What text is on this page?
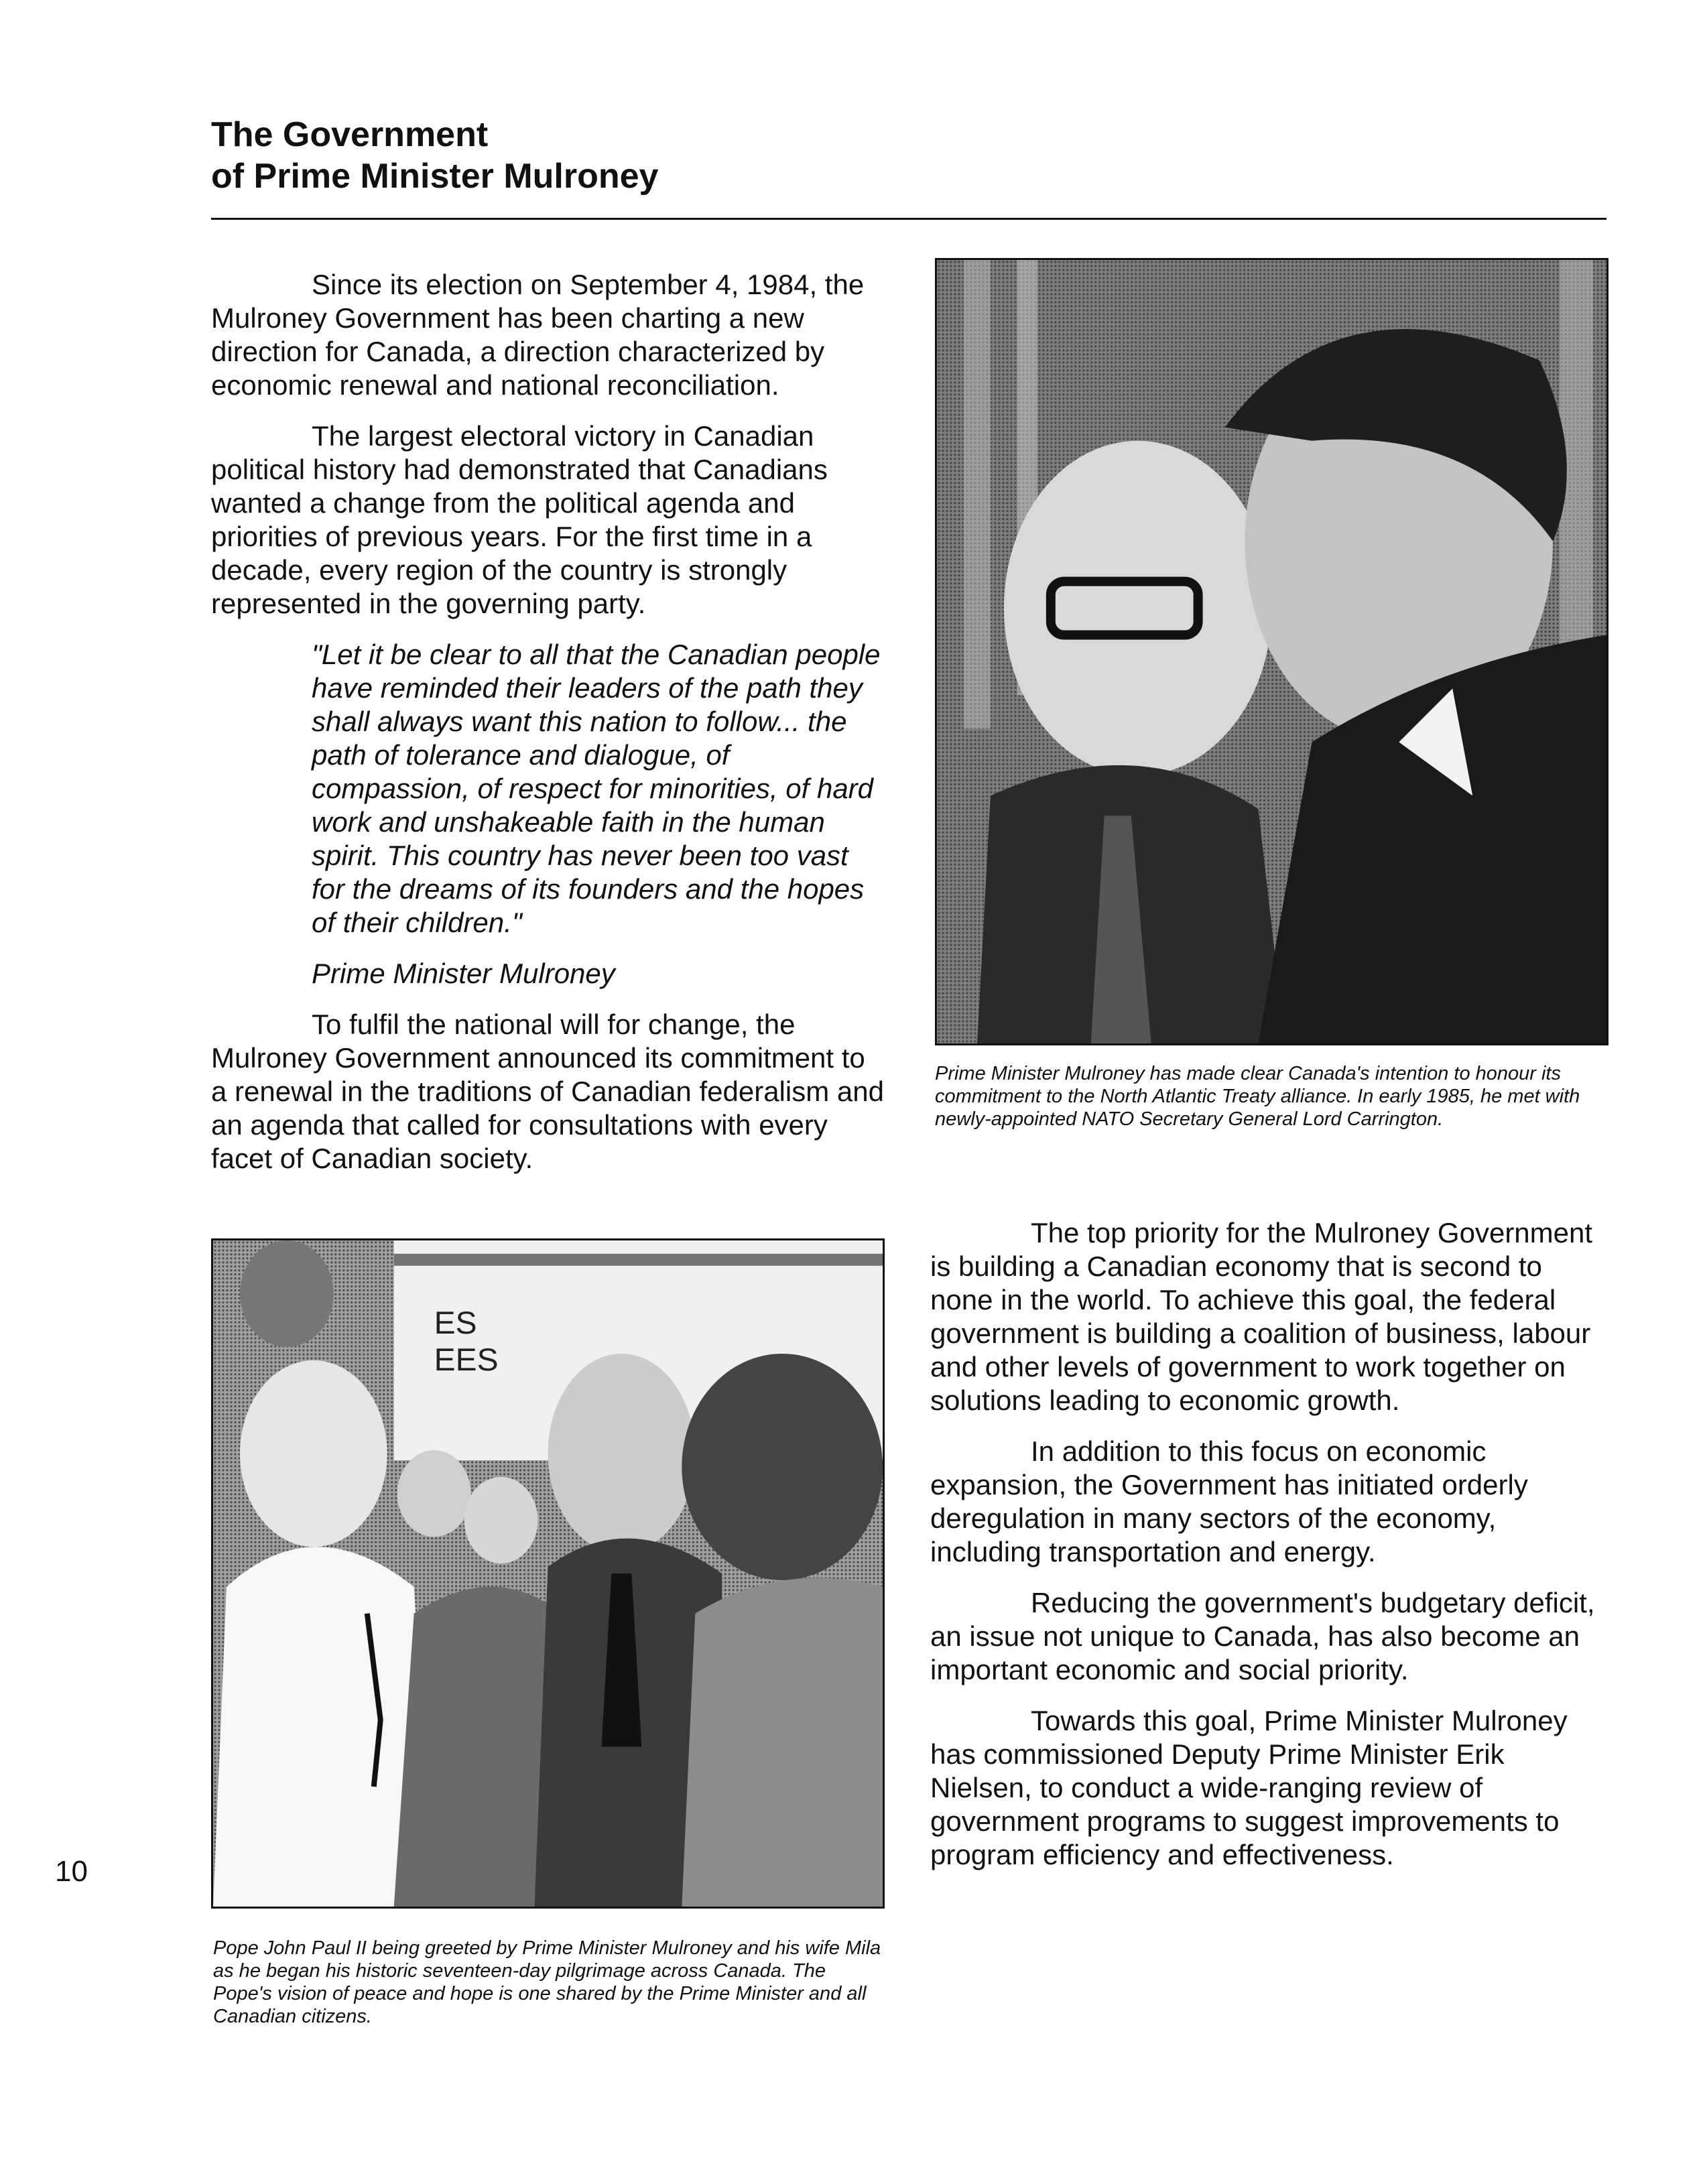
The Government
of Prime Minister Mulroney

Since its election on September 4, 1984, the Mulroney Government has been charting a new direction for Canada, a direction characterized by economic renewal and national reconciliation.

The largest electoral victory in Canadian political history had demonstrated that Canadians wanted a change from the political agenda and priorities of previous years. For the first time in a decade, every region of the country is strongly represented in the governing party.

"Let it be clear to all that the Canadian people have reminded their leaders of the path they shall always want this nation to follow... the path of tolerance and dialogue, of compassion, of respect for minorities, of hard work and unshakeable faith in the human spirit. This country has never been too vast for the dreams of its founders and the hopes of their children."
Prime Minister Mulroney

To fulfil the national will for change, the Mulroney Government announced its commitment to a renewal in the traditions of Canadian federalism and an agenda that called for consultations with every facet of Canadian society.

Prime Minister Mulroney has made clear Canada's intention to honour its commitment to the North Atlantic Treaty alliance. In early 1985, he met with newly-appointed NATO Secretary General Lord Carrington.
ES
EES
Pope John Paul II being greeted by Prime Minister Mulroney and his wife Mila as he began his historic seventeen-day pilgrimage across Canada. The Pope's vision of peace and hope is one shared by the Prime Minister and all Canadian citizens.

The top priority for the Mulroney Government is building a Canadian economy that is second to none in the world. To achieve this goal, the federal government is building a coalition of business, labour and other levels of government to work together on solutions leading to economic growth.

In addition to this focus on economic expansion, the Government has initiated orderly deregulation in many sectors of the economy, including transportation and energy.

Reducing the government's budgetary deficit, an issue not unique to Canada, has also become an important economic and social priority.

Towards this goal, Prime Minister Mulroney has commissioned Deputy Prime Minister Erik Nielsen, to conduct a wide-ranging review of government programs to suggest improvements to program efficiency and effectiveness.

10
